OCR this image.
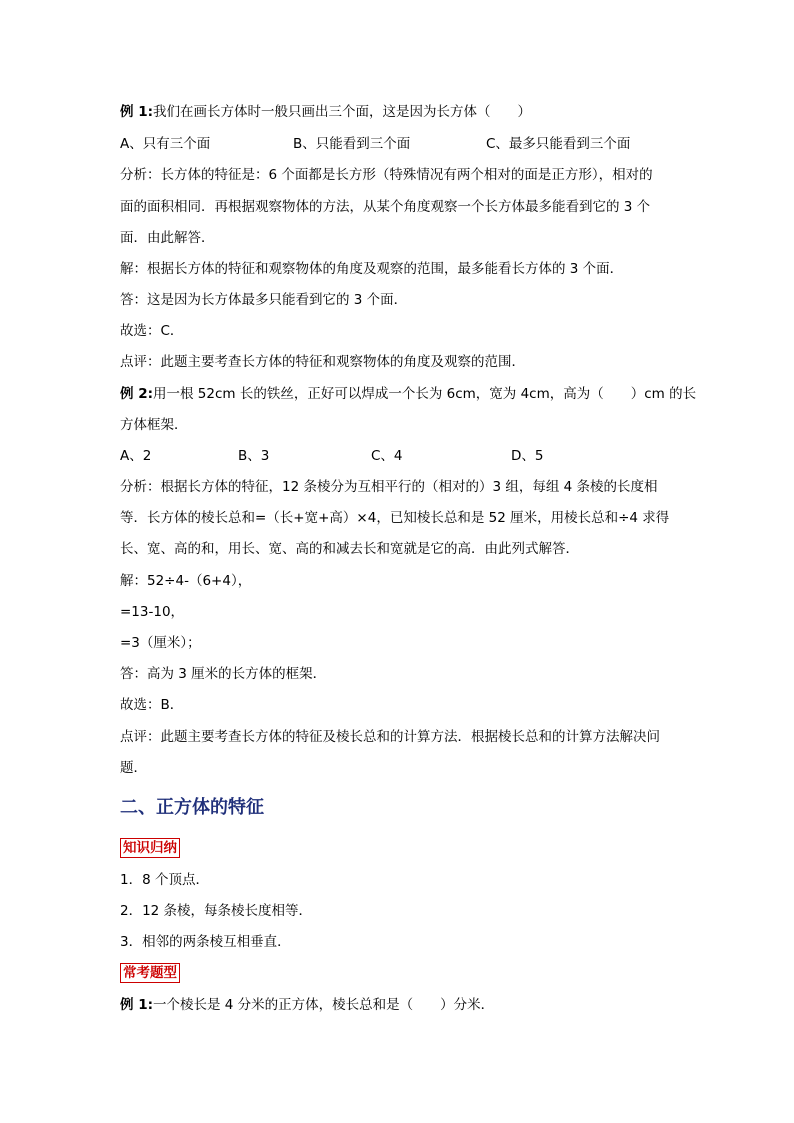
例 1:我们在画长方体时一般只画出三个面，这是因为长方体（　　）
A、只有三个面	B、只能看到三个面	C、最多只能看到三个面
分析：长方体的特征是：6 个面都是长方形（特殊情况有两个相对的面是正方形），相对的
面的面积相同．再根据观察物体的方法，从某个角度观察一个长方体最多能看到它的 3 个
面．由此解答．
解：根据长方体的特征和观察物体的角度及观察的范围，最多能看长方体的 3 个面．
答：这是因为长方体最多只能看到它的 3 个面．
故选：C．
点评：此题主要考查长方体的特征和观察物体的角度及观察的范围．
例 2:用一根 52cm 长的铁丝，正好可以焊成一个长为 6cm，宽为 4cm，高为（　　）cm 的长
方体框架．
A、2	B、3	C、4	D、5
分析：根据长方体的特征，12 条棱分为互相平行的（相对的）3 组，每组 4 条棱的长度相
等．长方体的棱长总和=（长+宽+高）×4，已知棱长总和是 52 厘米，用棱长总和÷4 求得
长、宽、高的和，用长、宽、高的和减去长和宽就是它的高．由此列式解答．
解：52÷4-（6+4），
=13-10，
=3（厘米）；
答：高为 3 厘米的长方体的框架．
故选：B．
点评：此题主要考查长方体的特征及棱长总和的计算方法．根据棱长总和的计算方法解决问
题．
二、正方体的特征
知识归纳
1．8 个顶点．
2．12 条棱，每条棱长度相等．
3．相邻的两条棱互相垂直．
常考题型
例 1:一个棱长是 4 分米的正方体，棱长总和是（　　）分米．
